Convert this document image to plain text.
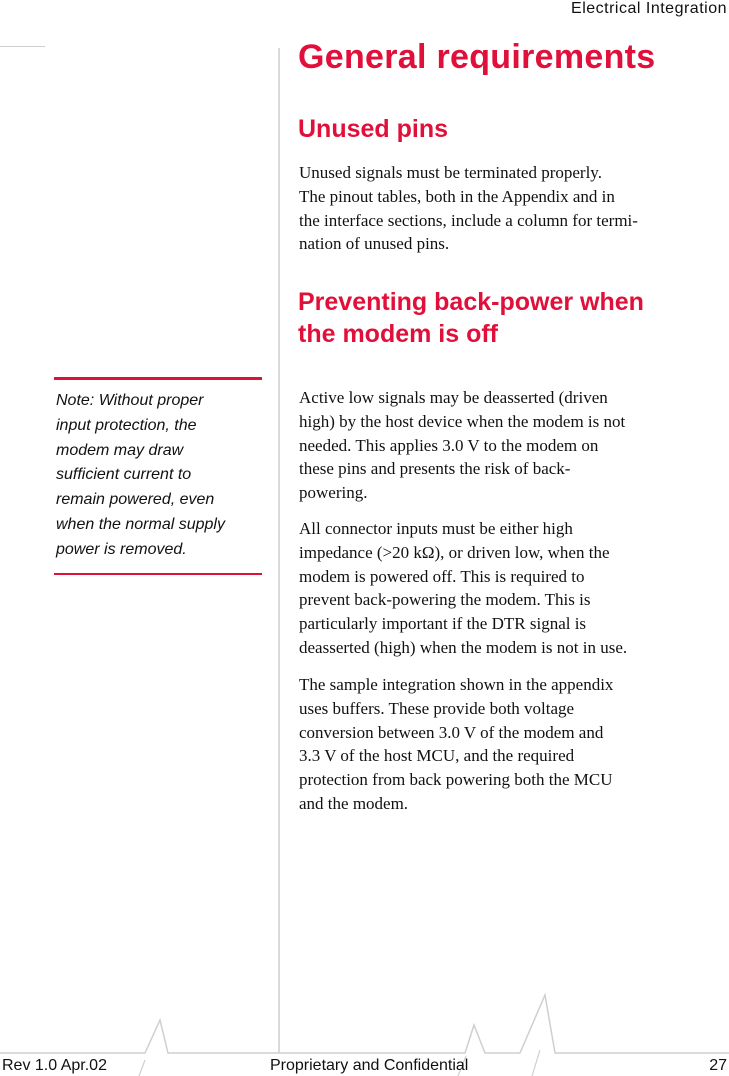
Electrical Integration
General requirements
Unused pins

Unused signals must be terminated properly.
The pinout tables, both in the Appendix and in
the interface sections, include a column for termi-
nation of unused pins.

Preventing back-power when
the modem is off

Note: Without proper
input protection, the
modem may draw
sufficient current to
remain powered, even
when the normal supply
power is removed.

Active low signals may be deasserted (driven
high) by the host device when the modem is not
needed. This applies 3.0 V to the modem on
these pins and presents the risk of back-
powering.

All connector inputs must be either high
impedance (>20 kΩ), or driven low, when the
modem is powered off. This is required to
prevent back-powering the modem. This is
particularly important if the DTR signal is
deasserted (high) when the modem is not in use.

The sample integration shown in the appendix
uses buffers. These provide both voltage
conversion between 3.0 V of the modem and
3.3 V of the host MCU, and the required
protection from back powering both the MCU
and the modem.

Rev 1.0 Apr.02	Proprietary and Confidential	27
